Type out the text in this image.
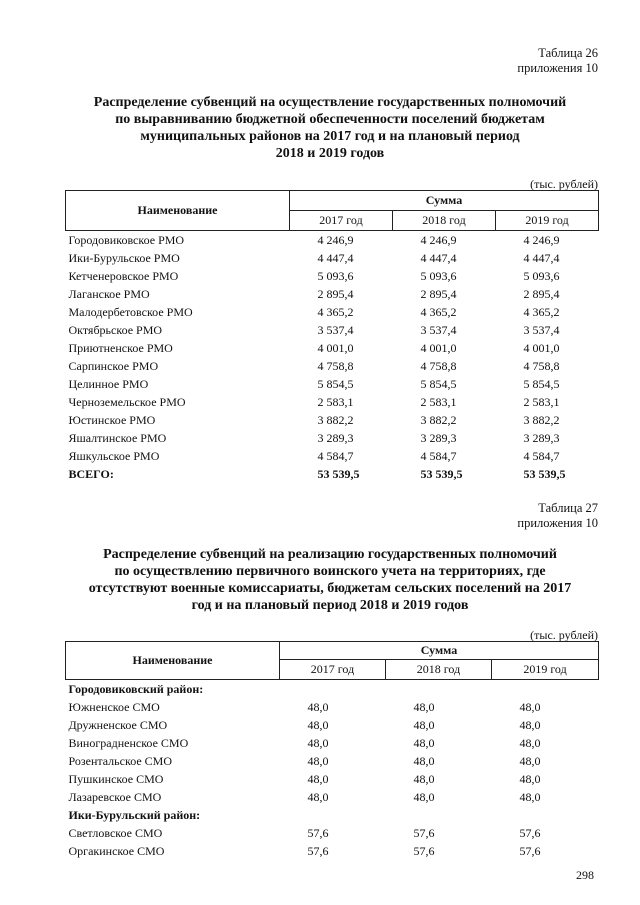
Таблица 26
приложения 10
Распределение субвенций на осуществление государственных полномочий
по выравниванию бюджетной обеспеченности поселений бюджетам
муниципальных районов на 2017 год и на плановый период
2018 и 2019 годов
(тыс. рублей)
Наименование	Сумма		
	2017 год	2018 год	2019 год
Городовиковское РМО	4 246,9	4 246,9	4 246,9
Ики-Бурульское РМО	4 447,4	4 447,4	4 447,4
Кетченеровское РМО	5 093,6	5 093,6	5 093,6
Лаганское РМО	2 895,4	2 895,4	2 895,4
Малодербетовское РМО	4 365,2	4 365,2	4 365,2
Октябрьское РМО	3 537,4	3 537,4	3 537,4
Приютненское РМО	4 001,0	4 001,0	4 001,0
Сарпинское РМО	4 758,8	4 758,8	4 758,8
Целинное РМО	5 854,5	5 854,5	5 854,5
Черноземельское РМО	2 583,1	2 583,1	2 583,1
Юстинское РМО	3 882,2	3 882,2	3 882,2
Яшалтинское РМО	3 289,3	3 289,3	3 289,3
Яшкульское РМО	4 584,7	4 584,7	4 584,7
ВСЕГО:	53 539,5	53 539,5	53 539,5
Таблица 27
приложения 10
Распределение субвенций на реализацию государственных полномочий
по осуществлению первичного воинского учета на территориях, где
отсутствуют военные комиссариаты, бюджетам сельских поселений на 2017
год и на плановый период 2018 и 2019 годов
(тыс. рублей)
Наименование	Сумма		
	2017 год	2018 год	2019 год
Городовиковский район:			
Южненское СМО	48,0	48,0	48,0
Дружненское СМО	48,0	48,0	48,0
Виноградненское СМО	48,0	48,0	48,0
Розентальское СМО	48,0	48,0	48,0
Пушкинское СМО	48,0	48,0	48,0
Лазаревское СМО	48,0	48,0	48,0
Ики-Бурульский район:			
Светловское СМО	57,6	57,6	57,6
Оргакинское СМО	57,6	57,6	57,6
298
